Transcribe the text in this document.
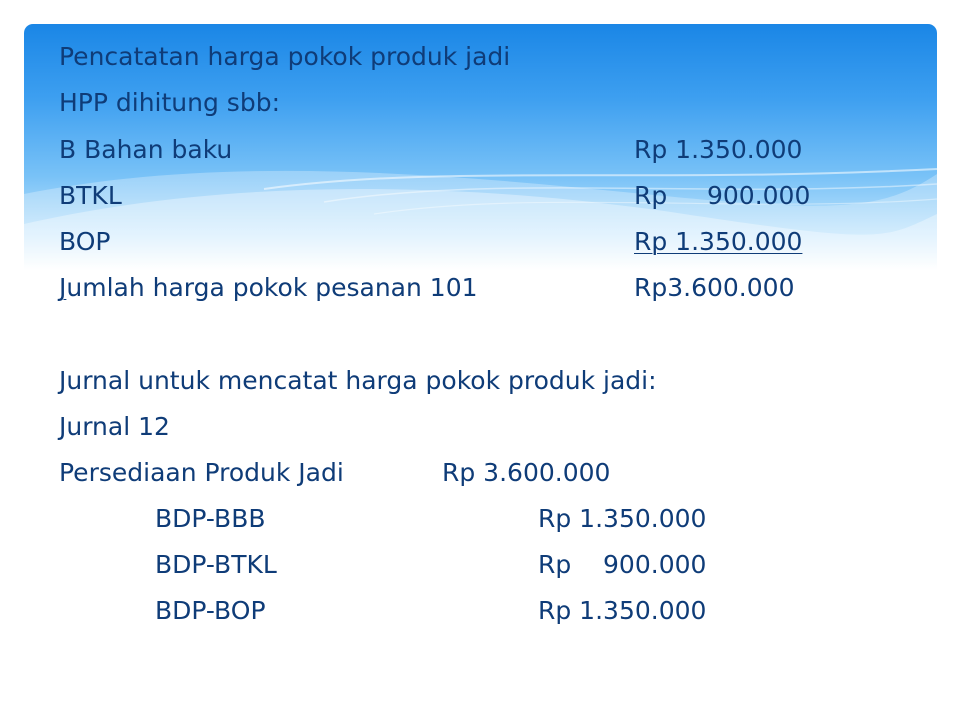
Pencatatan harga pokok produk jadi
HPP dihitung sbb:
B Bahan baku	Rp 1.350.000
BTKL	Rp     900.000
BOP	Rp 1.350.000
Jumlah harga pokok pesanan 101	Rp3.600.000
Jurnal untuk mencatat harga pokok produk jadi:
Jurnal 12
Persediaan Produk Jadi	Rp 3.600.000
BDP-BBB	Rp 1.350.000
BDP-BTKL	Rp    900.000
BDP-BOP	Rp 1.350.000
